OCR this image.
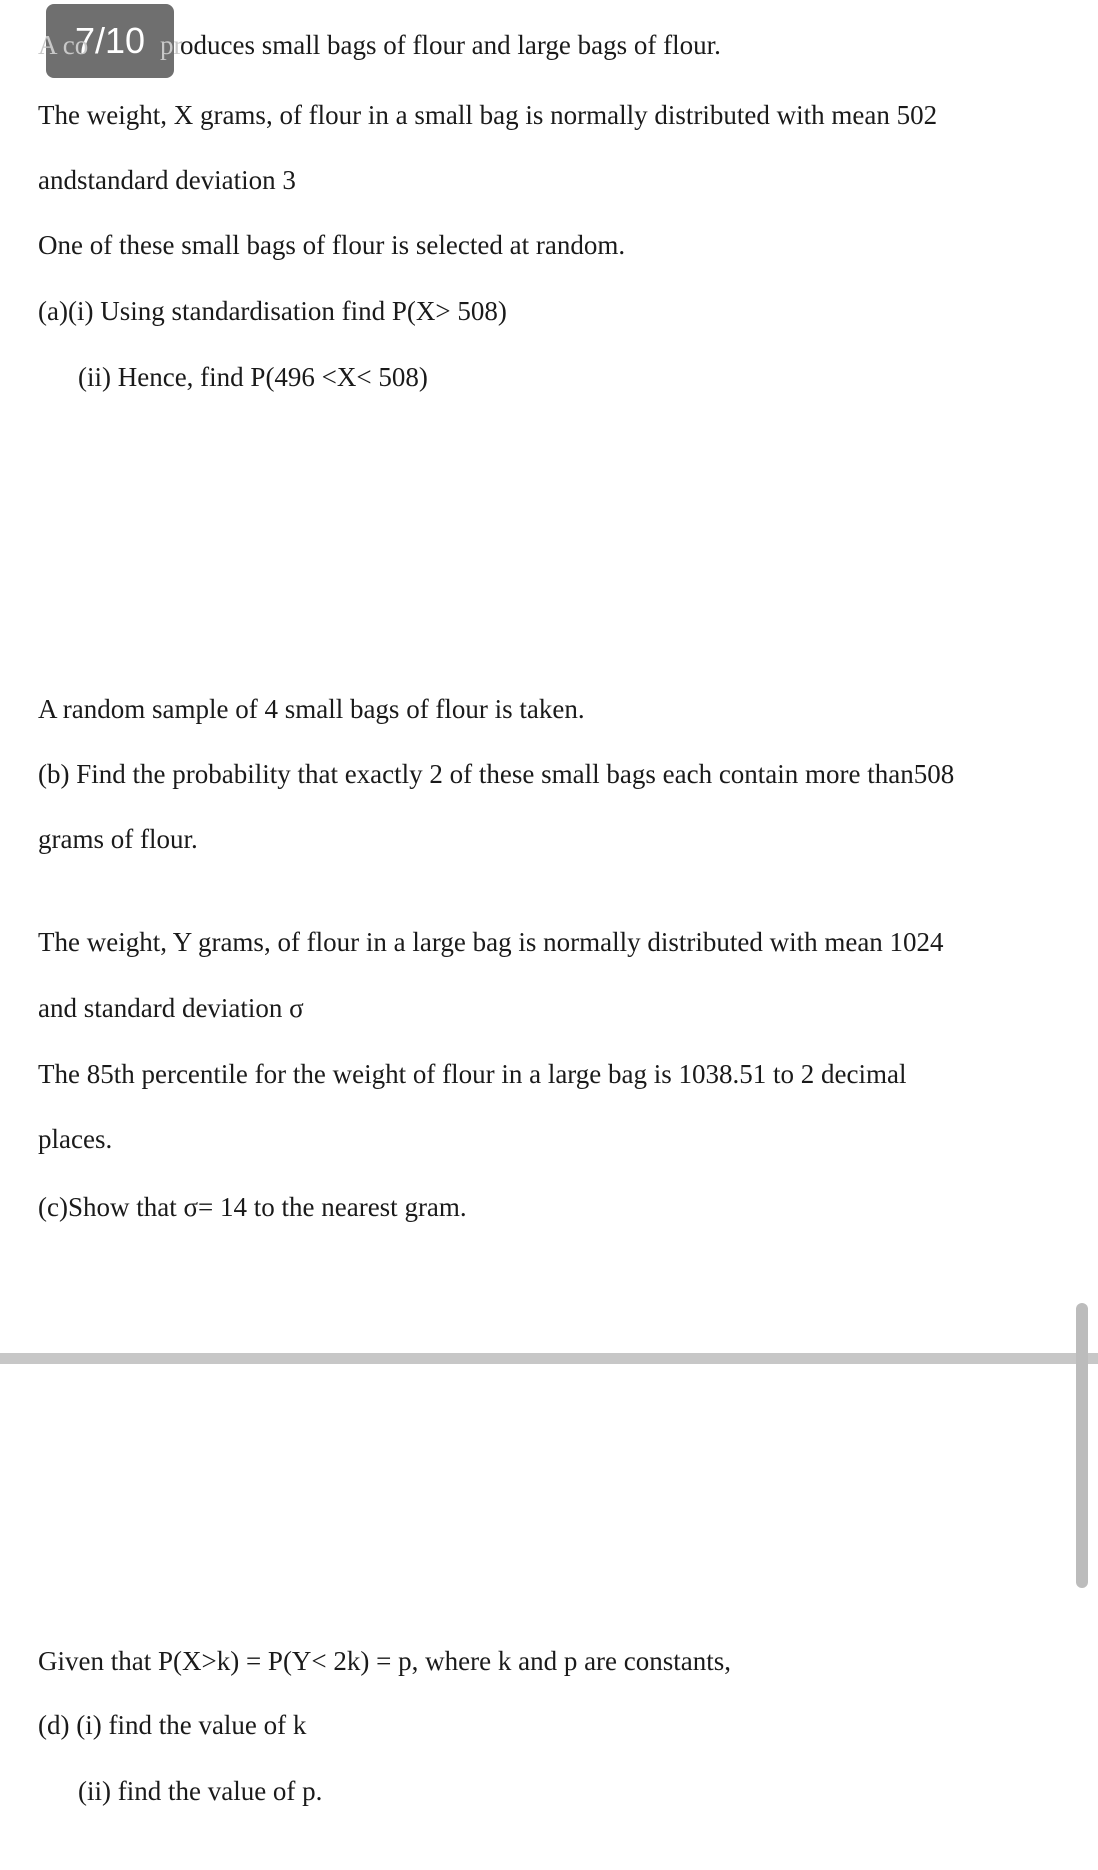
7/10
A co	pr
oduces small bags of flour and large bags of flour.
The weight, X grams, of flour in a small bag is normally distributed with mean 502
andstandard deviation 3
One of these small bags of flour is selected at random.
(a)(i) Using standardisation find P(X> 508)
(ii) Hence, find P(496 <X< 508)
A random sample of 4 small bags of flour is taken.
(b) Find the probability that exactly 2 of these small bags each contain more than508
grams of flour.
The weight, Y grams, of flour in a large bag is normally distributed with mean 1024
and standard deviation σ
The 85th percentile for the weight of flour in a large bag is 1038.51 to 2 decimal
places.
(c)Show that σ= 14 to the nearest gram.
Given that P(X>k) = P(Y< 2k) = p, where k and p are constants,
(d) (i) find the value of k
(ii) find the value of p.
